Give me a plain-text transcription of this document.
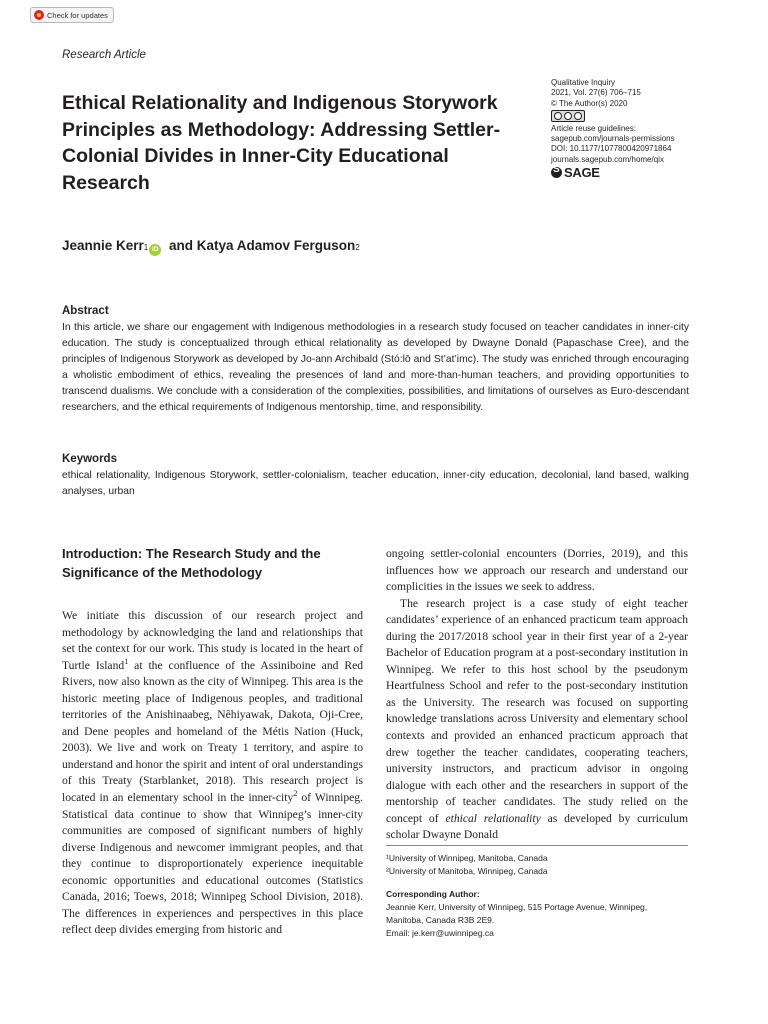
Check for updates
Research Article
Ethical Relationality and Indigenous Storywork Principles as Methodology: Addressing Settler-Colonial Divides in Inner-City Educational Research
Qualitative Inquiry
2021, Vol. 27(6) 706–715
© The Author(s) 2020
Article reuse guidelines:
sagepub.com/journals-permissions
DOI: 10.1177/1077800420971864
journals.sagepub.com/home/qix
S
SAGE
Jeannie Kerr 1 iD and Katya Adamov Ferguson 2
Abstract

In this article, we share our engagement with Indigenous methodologies in a research study focused on teacher candidates in inner-city education. The study is conceptualized through ethical relationality as developed by Dwayne Donald (Papaschase Cree), and the principles of Indigenous Storywork as developed by Jo-ann Archibald (Stó:lō and St’at’imc). The study was enriched through encouraging a wholistic embodiment of ethics, revealing the presences of land and more-than-human teachers, and providing opportunities to transcend dualisms. We conclude with a consideration of the complexities, possibilities, and limitations of ourselves as Euro-descendant researchers, and the ethical requirements of Indigenous mentorship, time, and responsibility.

Keywords

ethical relationality, Indigenous Storywork, settler-colonialism, teacher education, inner-city education, decolonial, land based, walking analyses, urban

Introduction: The Research Study and the Significance of the Methodology

We initiate this discussion of our research project and methodology by acknowledging the land and relationships that set the context for our work. This study is located in the heart of Turtle Island$^1$ at the confluence of the Assiniboine and Red Rivers, now also known as the city of Winnipeg. This area is the historic meeting place of Indigenous peoples, and traditional territories of the Anishinaabeg, Nêhiyawak, Dakota, Oji-Cree, and Dene peoples and homeland of the Métis Nation (Huck, 2003). We live and work on Treaty 1 territory, and aspire to understand and honor the spirit and intent of oral understandings of this Treaty (Starblanket, 2018). This research project is located in an elementary school in the inner-city$^2$ of Winnipeg. Statistical data continue to show that Winnipeg’s inner-city communities are composed of significant numbers of highly diverse Indigenous and newcomer immigrant peoples, and that they continue to disproportionately experience inequitable economic opportunities and educational outcomes (Statistics Canada, 2016; Toews, 2018; Winnipeg School Division, 2018). The differences in experiences and perspectives in this place reflect deep divides emerging from historic and

ongoing settler-colonial encounters (Dorries, 2019), and this influences how we approach our research and understand our complicities in the issues we seek to address.

The research project is a case study of eight teacher candidates’ experience of an enhanced practicum team approach during the 2017/2018 school year in their first year of a 2-year Bachelor of Education program at a post-secondary institution in Winnipeg. We refer to this host school by the pseudonym Heartfulness School and refer to the post-secondary institution as the University. The research was focused on supporting knowledge translations across University and elementary school contexts and provided an enhanced practicum approach that drew together the teacher candidates, cooperating teachers, university instructors, and practicum advisor in ongoing dialogue with each other and the researchers in support of the mentorship of teacher candidates. The study relied on the concept of ethical relationality as developed by curriculum scholar Dwayne Donald

¹University of Winnipeg, Manitoba, Canada
²University of Manitoba, Winnipeg, Canada
Corresponding Author:
Jeannie Kerr, University of Winnipeg, 515 Portage Avenue, Winnipeg,
Manitoba, Canada R3B 2E9.
Email: je.kerr@uwinnipeg.ca
